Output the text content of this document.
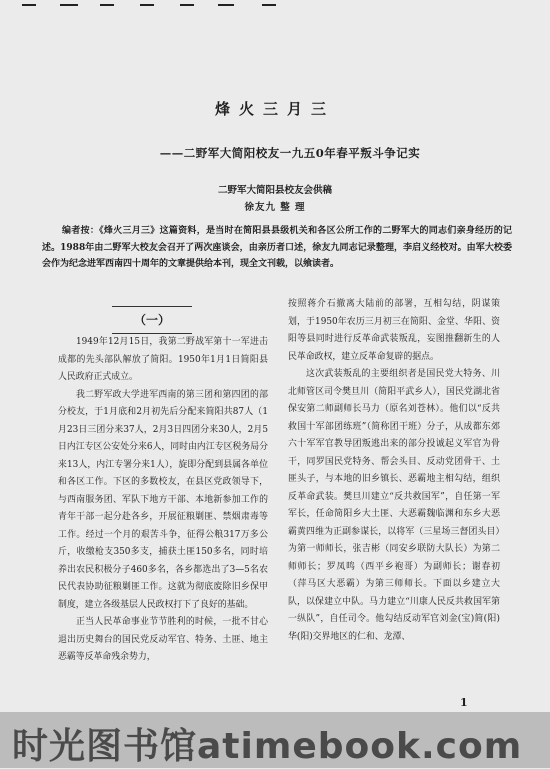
烽火三月三
——二野军大简阳校友一九五0年春平叛斗争记实
二野军大简阳县校友会供稿
徐友九 整 理
编者按：《烽火三月三》这篇资料，是当时在简阳县县级机关和各区公所工作的二野军大的同志们亲身经历的记述。1988年由二野军大校友会召开了两次座谈会，由亲历者口述，徐友九同志记录整理，李启义经校对。由军大校委会作为纪念进军西南四十周年的文章提供给本刊，现全文刊载，以飨读者。
（一）

1949年12月15日，我第二野战军第十一军进击成都的先头部队解放了简阳。1950年1月1日简阳县人民政府正式成立。

我二野军政大学进军西南的第三团和第四团的部分校友，于1月底和2月初先后分配来简阳共87人（1月23日三团分来37人，2月3日四团分来30人，2月5日内江专区公安处分来6人，同时由内江专区税务局分来13人，内江专署分来1人），旋即分配到县属各单位和各区工作。下区的多数校友，在县区党政领导下，与西南服务团、军队下地方干部、本地新参加工作的青年干部一起分赴各乡，开展征粮剿匪、禁烟肃毒等工作。经过一个月的艰苦斗争，征得公粮317万多公斤，收缴枪支350多支，捕获土匪150多名，同时培养出农民积极分子460多名，各乡都选出了3—5名农民代表协助征粮剿匪工作。这就为彻底废除旧乡保甲制度，建立各级基层人民政权打下了良好的基础。

正当人民革命事业节节胜利的时候，一批不甘心退出历史舞台的国民党反动军官、特务、土匪、地主恶霸等反革命残余势力，

按照蒋介石撤离大陆前的部署，互相勾结，阴谋策划，于1950年农历三月初三在简阳、金堂、华阳、资阳等县同时进行反革命武装叛乱，妄图推翻新生的人民革命政权，建立反革命复辟的据点。

这次武装叛乱的主要组织者是国民党大特务、川北师管区司令樊旦川（简阳平武乡人），国民党湖北省保安第二师副师长马力（原名刘苍林）。他们以“反共救国十军部团练班”（简称团干班）分子，从成都东郊六十军军官教导团叛逃出来的部分投诚起义军官为骨干，同罗国民党特务、帮会头目、反动党团骨干、土匪头子，与本地的旧乡镇长、恶霸地主相勾结，组织反革命武装。樊旦川建立“反共救国军”，自任第一军军长，任命简阳乡大土匪、大恶霸魏临渊和东乡大恶霸黄四维为正副参谋长，以将军（三星场三督团头目）为第一师师长，张吉彬（同安乡联防大队长）为第二师师长；罗凤鸣（西平乡袍哥）为副师长；谢春初（萍马区大恶霸）为第三师师长。下面以乡建立大队，以保建立中队。马力建立“川康人民反共救国军第一纵队”，自任司令。他勾结反动军官刘金(宝)简(阳)华(阳)交界地区的仁和、龙潭、

1
时光图书馆atimebook.com
